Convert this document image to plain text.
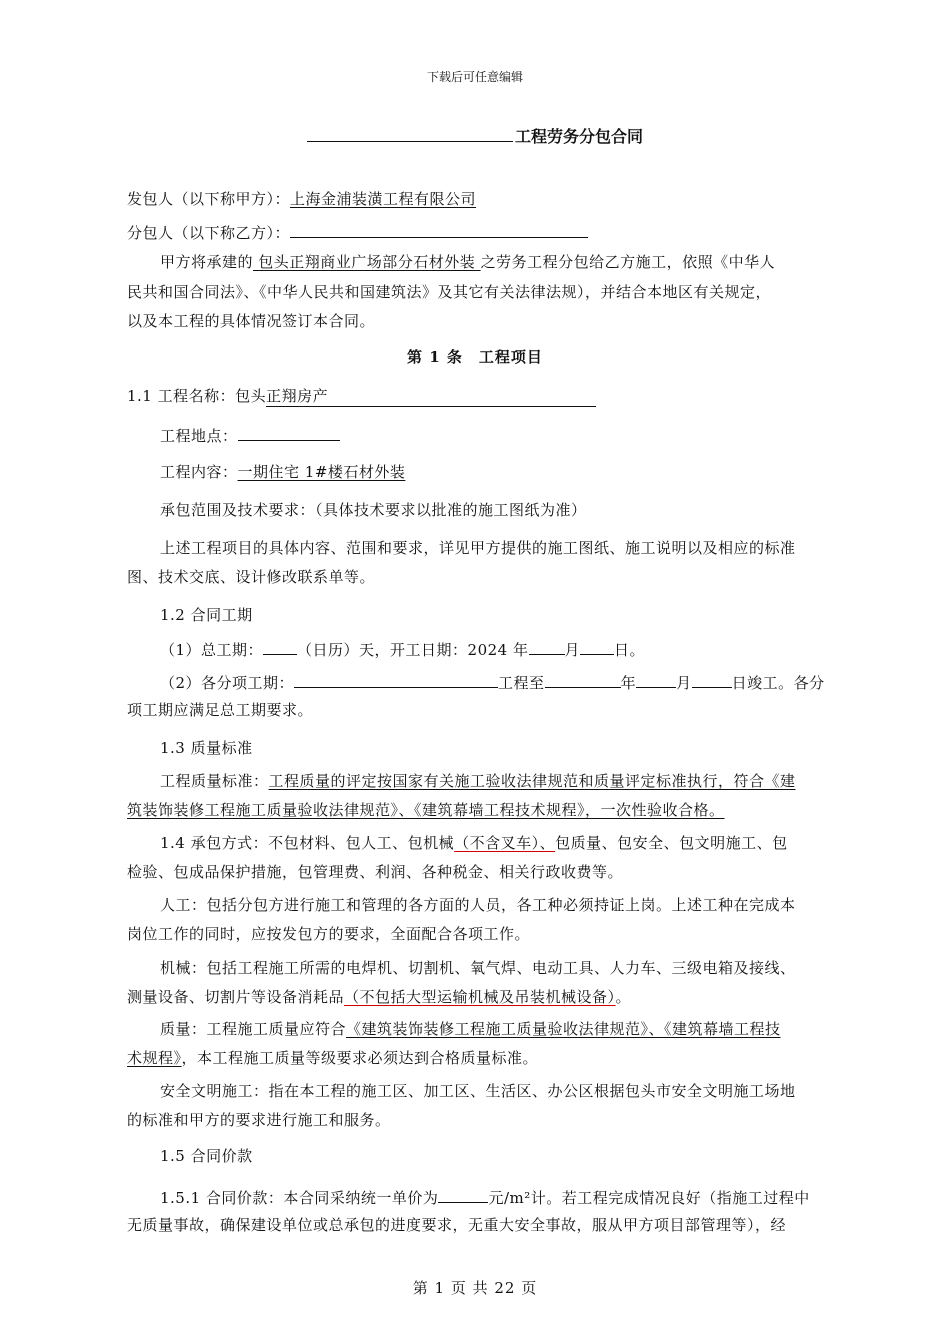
下载后可任意编辑
工程劳务分包合同
发包人（以下称甲方）：上海金浦装潢工程有限公司
分包人（以下称乙方）：
甲方将承建的 包头正翔商业广场部分石材外装 之劳务工程分包给乙方施工，依照《中华人
民共和国合同法》、《中华人民共和国建筑法》及其它有关法律法规），并结合本地区有关规定，
以及本工程的具体情况签订本合同。
第 1 条　工程项目
1.1 工程名称：包头正翔房产
工程地点：
工程内容：一期住宅 1#楼石材外装
承包范围及技术要求：（具体技术要求以批准的施工图纸为准）
上述工程项目的具体内容、范围和要求，详见甲方提供的施工图纸、施工说明以及相应的标准
图、技术交底、设计修改联系单等。
1.2 合同工期
（1）总工期： （日历）天，开工日期：2024 年 月 日。
（2）各分项工期：	工程至	年	月	日竣工。各分
项工期应满足总工期要求。
1.3 质量标准
工程质量标准：工程质量的评定按国家有关施工验收法律规范和质量评定标准执行，符合《建
筑装饰装修工程施工质量验收法律规范》、《建筑幕墙工程技术规程》，一次性验收合格。
1.4 承包方式：不包材料、包人工、包机械（不含叉车）、包质量、包安全、包文明施工、包
检验、包成品保护措施，包管理费、利润、各种税金、相关行政收费等。
人工：包括分包方进行施工和管理的各方面的人员，各工种必须持证上岗。上述工种在完成本
岗位工作的同时，应按发包方的要求，全面配合各项工作。
机械：包括工程施工所需的电焊机、切割机、氧气焊、电动工具、人力车、三级电箱及接线、
测量设备、切割片等设备消耗品（不包括大型运输机械及吊装机械设备）。
质量：工程施工质量应符合《建筑装饰装修工程施工质量验收法律规范》、《建筑幕墙工程技
术规程》，本工程施工质量等级要求必须达到合格质量标准。
安全文明施工：指在本工程的施工区、加工区、生活区、办公区根据包头市安全文明施工场地
的标准和甲方的要求进行施工和服务。
1.5 合同价款
1.5.1 合同价款：本合同采纳统一单价为	元/m²计。若工程完成情况良好（指施工过程中
无质量事故，确保建设单位或总承包的进度要求，无重大安全事故，服从甲方项目部管理等），经
第 1 页 共 22 页
